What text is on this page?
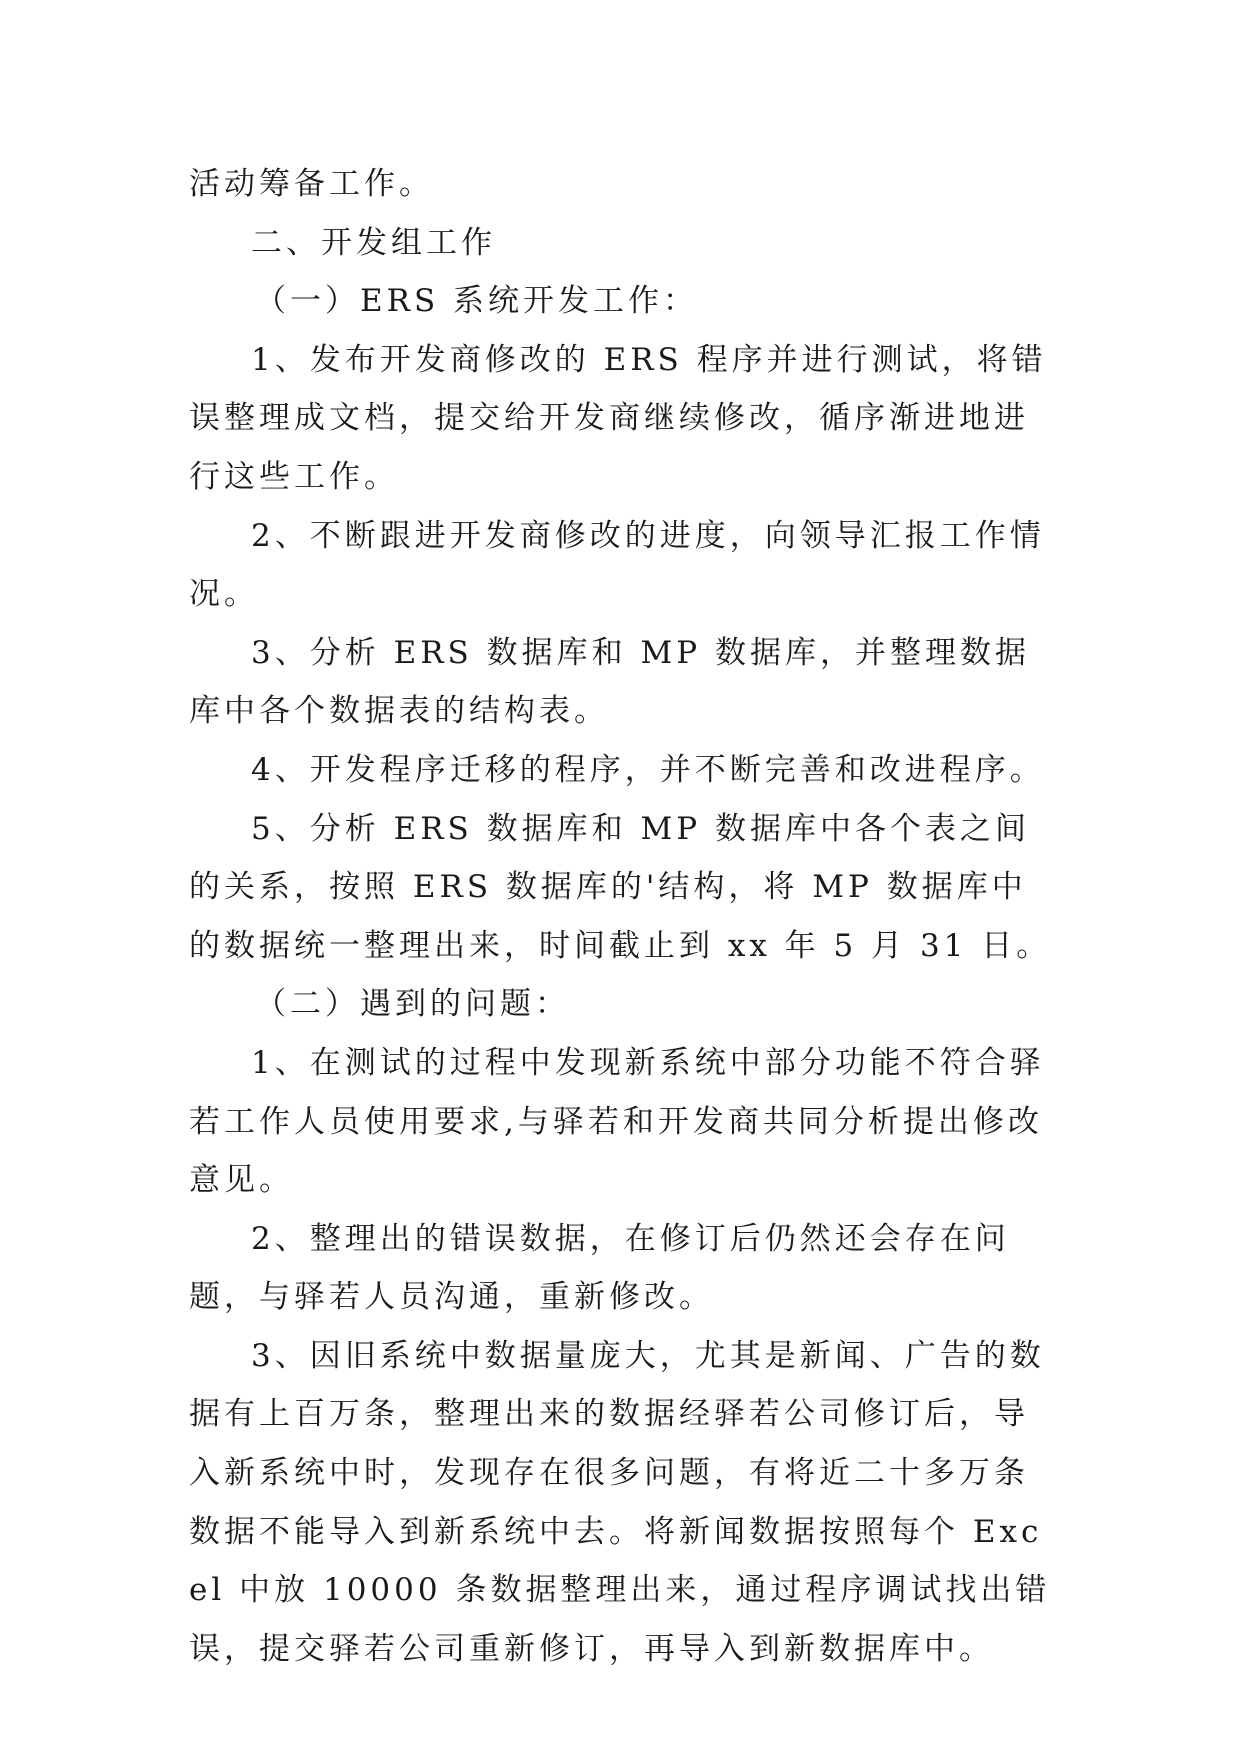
活动筹备工作。

二、开发组工作

（一）ERS 系统开发工作：

1、发布开发商修改的 ERS 程序并进行测试，将错误整理成文档，提交给开发商继续修改，循序渐进地进行这些工作。

2、不断跟进开发商修改的进度，向领导汇报工作情况。

3、分析 ERS 数据库和 MP 数据库，并整理数据库中各个数据表的结构表。

4、开发程序迁移的程序，并不断完善和改进程序。

5、分析 ERS 数据库和 MP 数据库中各个表之间的关系，按照 ERS 数据库的'结构，将 MP 数据库中的数据统一整理出来，时间截止到 xx 年 5 月 31 日。

（二）遇到的问题：

1、在测试的过程中发现新系统中部分功能不符合驿若工作人员使用要求,与驿若和开发商共同分析提出修改意见。

2、整理出的错误数据，在修订后仍然还会存在问题，与驿若人员沟通，重新修改。

3、因旧系统中数据量庞大，尤其是新闻、广告的数据有上百万条，整理出来的数据经驿若公司修订后，导入新系统中时，发现存在很多问题，有将近二十多万条数据不能导入到新系统中去。将新闻数据按照每个 Excel 中放 10000 条数据整理出来，通过程序调试找出错误，提交驿若公司重新修订，再导入到新数据库中。
